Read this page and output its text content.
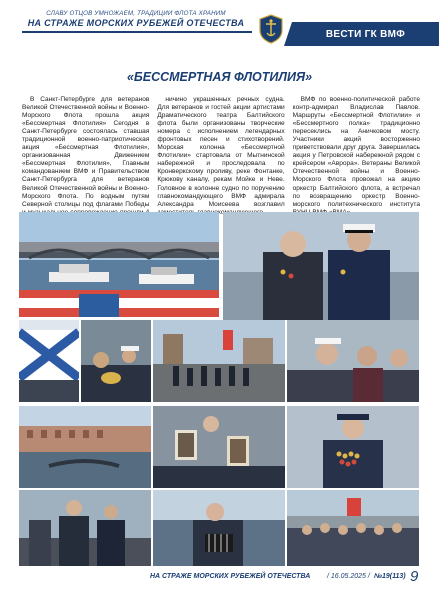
СЛАВУ ОТЦОВ УМНОЖАЕМ, ТРАДИЦИИ ФЛОТА ХРАНИМ
НА СТРАЖЕ МОРСКИХ РУБЕЖЕЙ ОТЕЧЕСТВА
ВЕСТИ ГК ВМФ
«БЕССМЕРТНАЯ ФЛОТИЛИЯ»

В Санкт-Петербурге для ветеранов Великой Отечественной войны и Военно-Морского Флота прошла акция «Бессмертная Флотилия» Сегодня в Санкт-Петербурге состоялась ставшая традиционной военно-патриотическая акция «Бессмертная Флотилия», организованная Движением «Бессмертная Флотилия», Главным командованием ВМФ и Правительством Санкт-Петербурга для ветеранов Великой Отечественной войны и Военно-Морского Флота. По водным путям Северной столицы под флагами Победы

ничино украшенных речных судна. Для ветеранов и гостей акции артистами Драматического театра Балтийского флота были организованы творческие номера с исполнением легендарных фронтовых песен и стихотворений. Морская колонна «Бессмертной Флотилии» стартовала от Мытнинской набережной и проследовала по Кронверкскому проливу, реке Фонтанке, Крюкову каналу, рекам Мойке и Неве. Головное в колонне судно по поручению главнокомандующего ВМФ адмирала Александра Моисеева возглавил

ВМФ по военно-политической работе контр-адмирал Владислав Павлов. Маршруты «Бессмертной Флотилии» и «Бессмертного полка» традиционно пересеклись на Аничковом мосту. Участники акций восторженно приветствовали друг друга. Завершилась акция у Петровской набережной рядом с крейсером «Аврора». Ветераны Великой Отечественной войны и Военно-Морского Флота провожал на акцию оркестр Балтийского флота, а встречал по возвращению оркестр Военно-морского политехнического института

НА СТРАЖЕ МОРСКИХ РУБЕЖЕЙ ОТЕЧЕСТВА / 16.05.2025 / №19(113) 9
